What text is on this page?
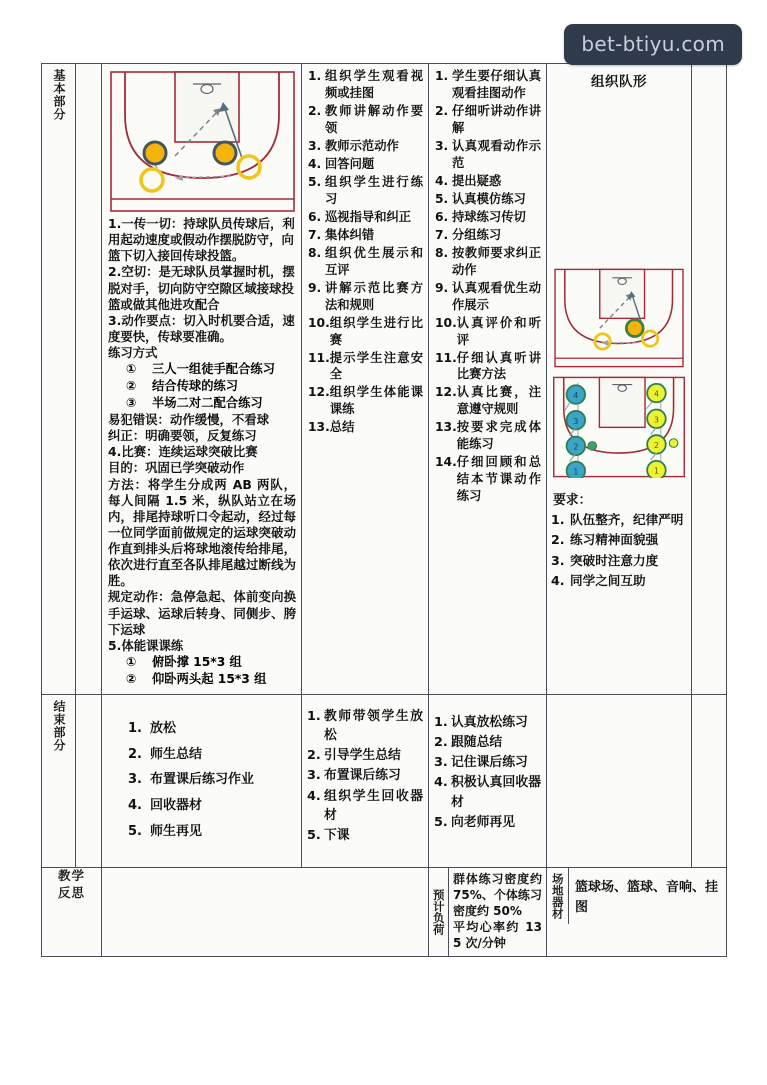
bet-btiyu.com
基本部分

1.一传一切：持球队员传球后，利用起动速度或假动作摆脱防守，向篮下切入接回传球投篮。

2.空切：是无球队员掌握时机，摆脱对手，切向防守空隙区域接球投篮或做其他进攻配合

3.动作要点：切入时机要合适，速度要快，传球要准确。

练习方式

①	三人一组徒手配合练习
②	结合传球的练习
③	半场二对二配合练习

易犯错误：动作缓慢，不看球

纠正：明确要领，反复练习

4.比赛：连续运球突破比赛

目的：巩固已学突破动作

方法：将学生分成两 AB 两队，每人间隔 1.5 米，纵队站立在场内，排尾持球听口令起动，经过每一位同学面前做规定的运球突破动作直到排头后将球地滚传给排尾，依次进行直至各队排尾越过断线为胜。

规定动作：急停急起、体前变向换手运球、运球后转身、同侧步、胯下运球

5.体能课课练

①	俯卧撑 15*3 组
②	仰卧两头起 15*3 组

1. 组织学生观看视频或挂图
2. 教师讲解动作要领
3. 教师示范动作
4. 回答问题
5. 组织学生进行练习
6. 巡视指导和纠正
7. 集体纠错
8. 组织优生展示和互评
9. 讲解示范比赛方法和规则
10. 组织学生进行比赛
11. 提示学生注意安全
12. 组织学生体能课课练
13. 总结

1. 学生要仔细认真观看挂图动作
2. 仔细听讲动作讲解
3. 认真观看动作示范
4. 提出疑惑
5. 认真模仿练习
6. 持球练习传切
7. 分组练习
8. 按教师要求纠正动作
9. 认真观看优生动作展示
10. 认真评价和听评
11. 仔细认真听讲比赛方法
12. 认真比赛，注意遵守规则
13. 按要求完成体能练习
14. 仔细回顾和总结本节课动作练习

组织队形
4
3
2
1
4
3
2
1
要求：
1. 队伍整齐，纪律严明
2. 练习精神面貌强
3. 突破时注意力度
4. 同学之间互助

结束部分		1. 放松
2. 师生总结
3. 布置课后练习作业
4. 回收器材
5. 师生再见

1. 教师带领学生放松
2. 引导学生总结
3. 布置课后练习
4. 组织学生回收器材
5. 下课

1. 认真放松练习
2. 跟随总结
3. 记住课后练习
4. 积极认真回收器材
5. 向老师再见

教学
反思

		预计负荷

群体练习密度约75%、个体练习密度约 50%
平均心率约 135 次/分钟

场地器材	篮球场、篮球、音响、挂图
